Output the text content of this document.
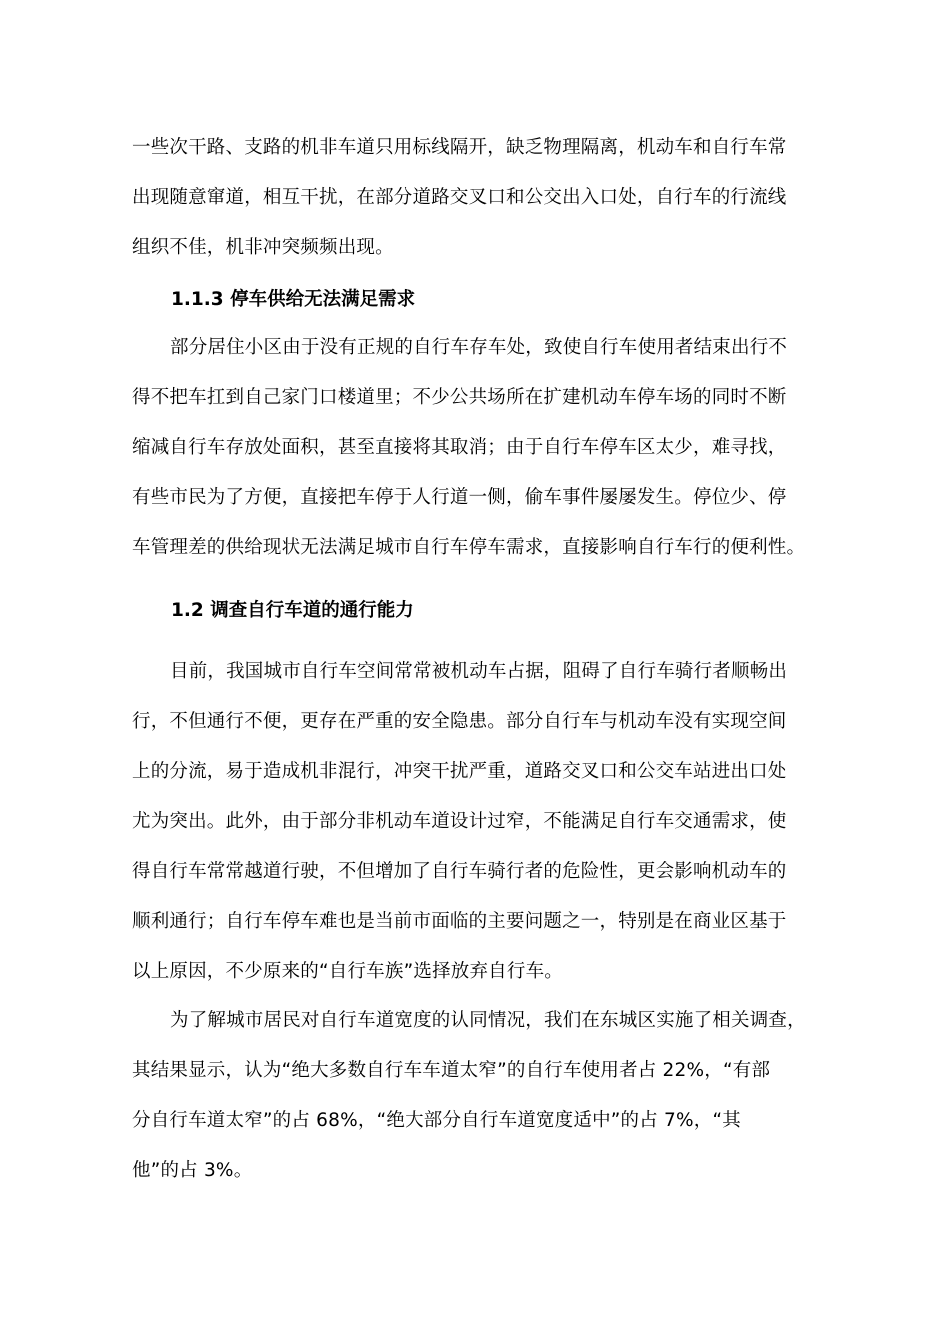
一些次干路、支路的机非车道只用标线隔开，缺乏物理隔离，机动车和自行车常
出现随意窜道，相互干扰，在部分道路交叉口和公交出入口处，自行车的行流线
组织不佳，机非冲突频频出现。

1.1.3 停车供给无法满足需求

部分居住小区由于没有正规的自行车存车处，致使自行车使用者结束出行不
得不把车扛到自己家门口楼道里；不少公共场所在扩建机动车停车场的同时不断
缩减自行车存放处面积，甚至直接将其取消；由于自行车停车区太少，难寻找，
有些市民为了方便，直接把车停于人行道一侧，偷车事件屡屡发生。停位少、停
车管理差的供给现状无法满足城市自行车停车需求，直接影响自行车行的便利性。

1.2 调查自行车道的通行能力

目前，我国城市自行车空间常常被机动车占据，阻碍了自行车骑行者顺畅出
行，不但通行不便，更存在严重的安全隐患。部分自行车与机动车没有实现空间
上的分流，易于造成机非混行，冲突干扰严重，道路交叉口和公交车站进出口处
尤为突出。此外，由于部分非机动车道设计过窄，不能满足自行车交通需求，使
得自行车常常越道行驶，不但增加了自行车骑行者的危险性，更会影响机动车的
顺利通行；自行车停车难也是当前市面临的主要问题之一，特别是在商业区基于
以上原因，不少原来的“自行车族”选择放弃自行车。

为了解城市居民对自行车道宽度的认同情况，我们在东城区实施了相关调查，
其结果显示，认为“绝大多数自行车车道太窄”的自行车使用者占 22%，“有部
分自行车道太窄”的占 68%，“绝大部分自行车道宽度适中”的占 7%，“其
他”的占 3%。
